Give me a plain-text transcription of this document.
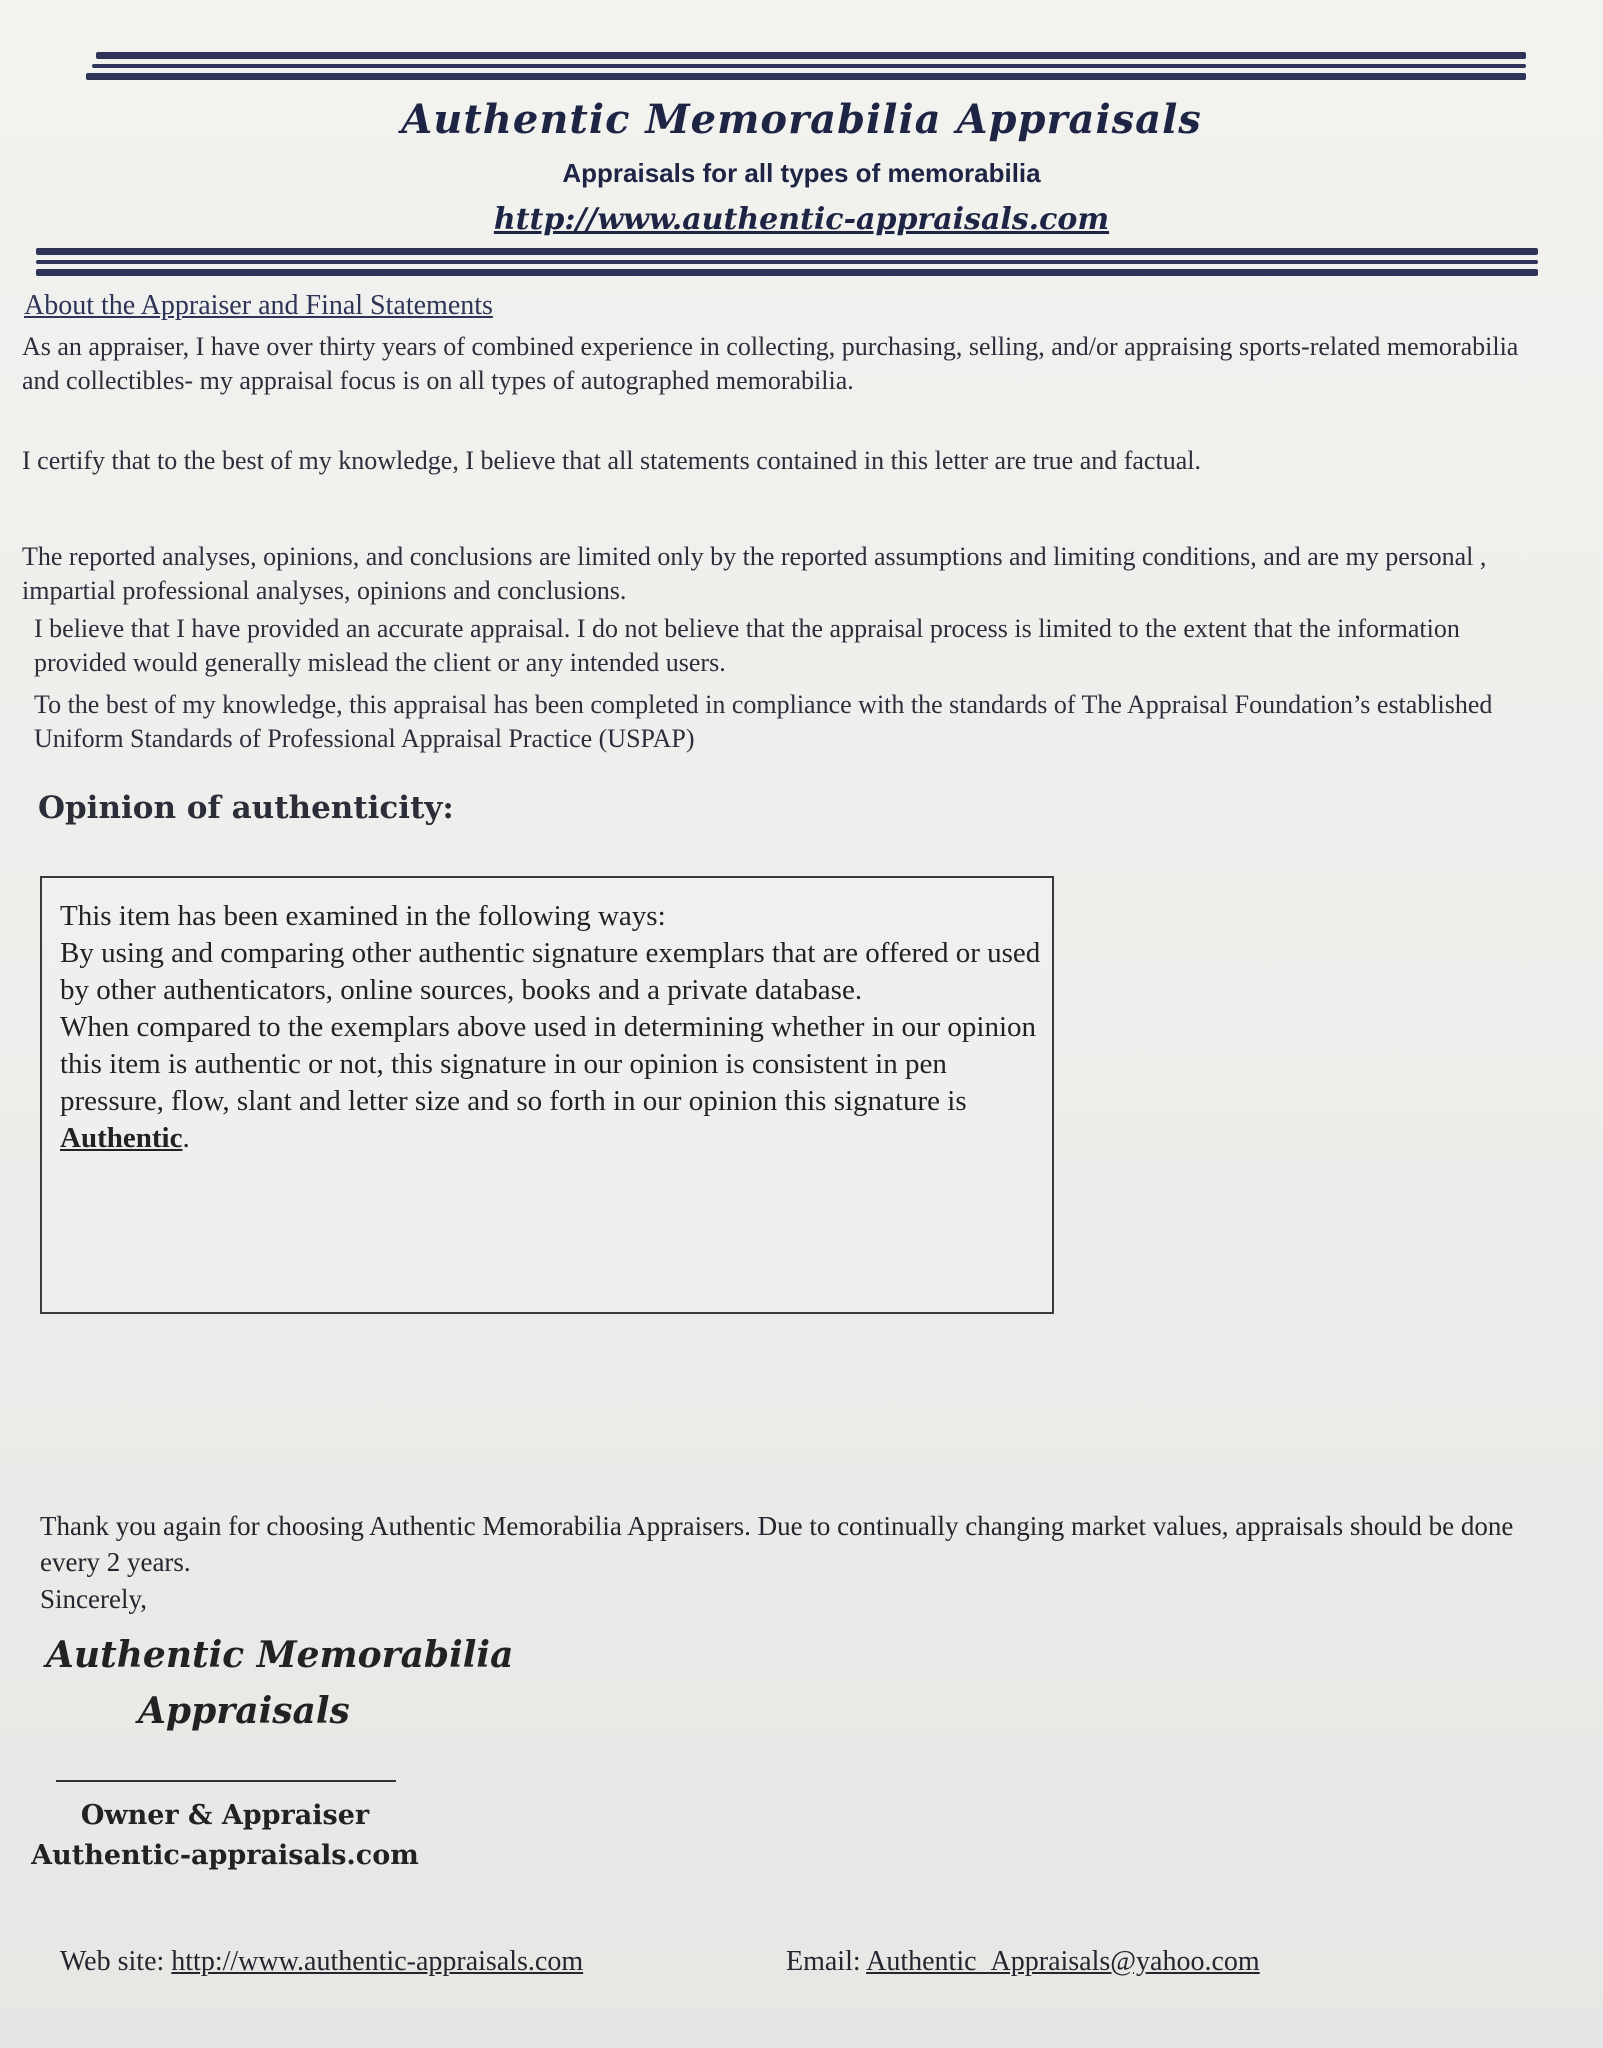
Authentic Memorabilia Appraisals
Appraisals for all types of memorabilia
http://www.authentic-appraisals.com
About the Appraiser and Final Statements
As an appraiser, I have over thirty years of combined experience in collecting, purchasing, selling, and/or appraising sports-related memorabilia and collectibles- my appraisal focus is on all types of autographed memorabilia.
I certify that to the best of my knowledge, I believe that all statements contained in this letter are true and factual.
The reported analyses, opinions, and conclusions are limited only by the reported assumptions and limiting conditions, and are my personal , impartial professional analyses, opinions and conclusions.
I believe that I have provided an accurate appraisal. I do not believe that the appraisal process is limited to the extent that the information provided would generally mislead the client or any intended users.
To the best of my knowledge, this appraisal has been completed in compliance with the standards of The Appraisal Foundation’s established Uniform Standards of Professional Appraisal Practice (USPAP)
Opinion of authenticity:
This item has been examined in the following ways:
By using and comparing other authentic signature exemplars that are offered or used by other authenticators, online sources, books and a private database.
When compared to the exemplars above used in determining whether in our opinion this item is authentic or not, this signature in our opinion is consistent in pen pressure, flow, slant and letter size and so forth in our opinion this signature is Authentic.
Thank you again for choosing Authentic Memorabilia Appraisers. Due to continually changing market values, appraisals should be done every 2 years.
Sincerely,
Authentic Memorabilia
Appraisals
Owner & Appraiser
Authentic-appraisals.com
Web site: http://www.authentic-appraisals.com	Email: Authentic_Appraisals@yahoo.com
